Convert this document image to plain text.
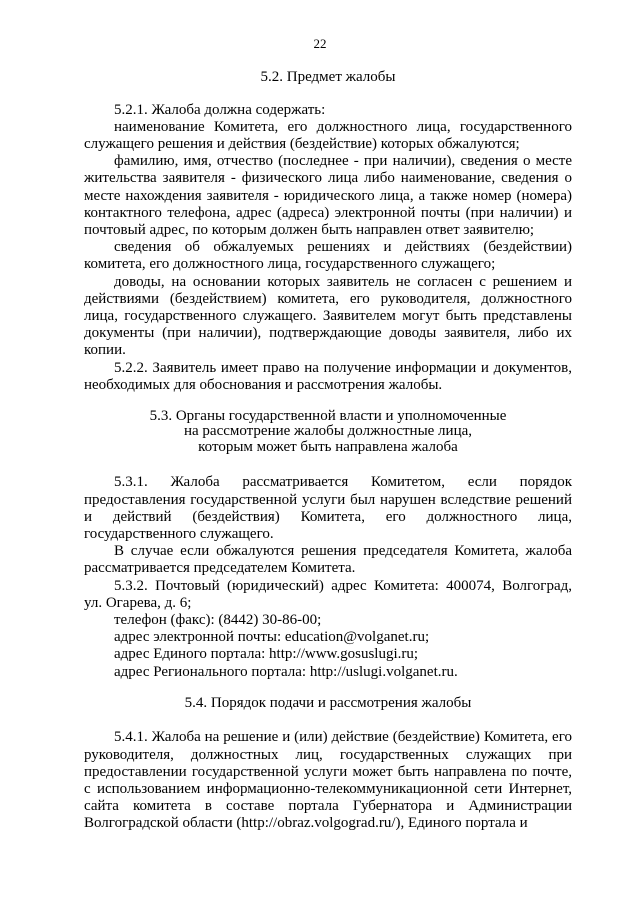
22

5.2. Предмет жалобы

5.2.1. Жалоба должна содержать:

наименование Комитета, его должностного лица, государственного служащего решения и действия (бездействие) которых обжалуются;

фамилию, имя, отчество (последнее - при наличии), сведения о месте жительства заявителя - физического лица либо наименование, сведения о месте нахождения заявителя - юридического лица, а также номер (номера) контактного телефона, адрес (адреса) электронной почты (при наличии) и почтовый адрес, по которым должен быть направлен ответ заявителю;

сведения об обжалуемых решениях и действиях (бездействии) комитета, его должностного лица, государственного служащего;

доводы, на основании которых заявитель не согласен с решением и действиями (бездействием) комитета, его руководителя, должностного лица, государственного служащего. Заявителем могут быть представлены документы (при наличии), подтверждающие доводы заявителя, либо их копии.

5.2.2. Заявитель имеет право на получение информации и документов, необходимых для обоснования и рассмотрения жалобы.

5.3. Органы государственной власти и уполномоченные

на рассмотрение жалобы должностные лица,

которым может быть направлена жалоба

5.3.1. Жалоба рассматривается Комитетом, если порядок предоставления государственной услуги был нарушен вследствие решений и действий (бездействия) Комитета, его должностного лица, государственного служащего.

В случае если обжалуются решения председателя Комитета, жалоба рассматривается председателем Комитета.

5.3.2. Почтовый (юридический) адрес Комитета: 400074, Волгоград, ул. Огарева, д. 6;

телефон (факс): (8442) 30-86-00;

адрес электронной почты: education@volganet.ru;

адрес Единого портала: http://www.gosuslugi.ru;

адрес Регионального портала: http://uslugi.volganet.ru.

5.4. Порядок подачи и рассмотрения жалобы

5.4.1. Жалоба на решение и (или) действие (бездействие) Комитета, его руководителя, должностных лиц, государственных служащих при предоставлении государственной услуги может быть направлена по почте, с использованием информационно-телекоммуникационной сети Интернет, сайта комитета в составе портала Губернатора и Администрации Волгоградской области (http://obraz.volgograd.ru/), Единого портала и
